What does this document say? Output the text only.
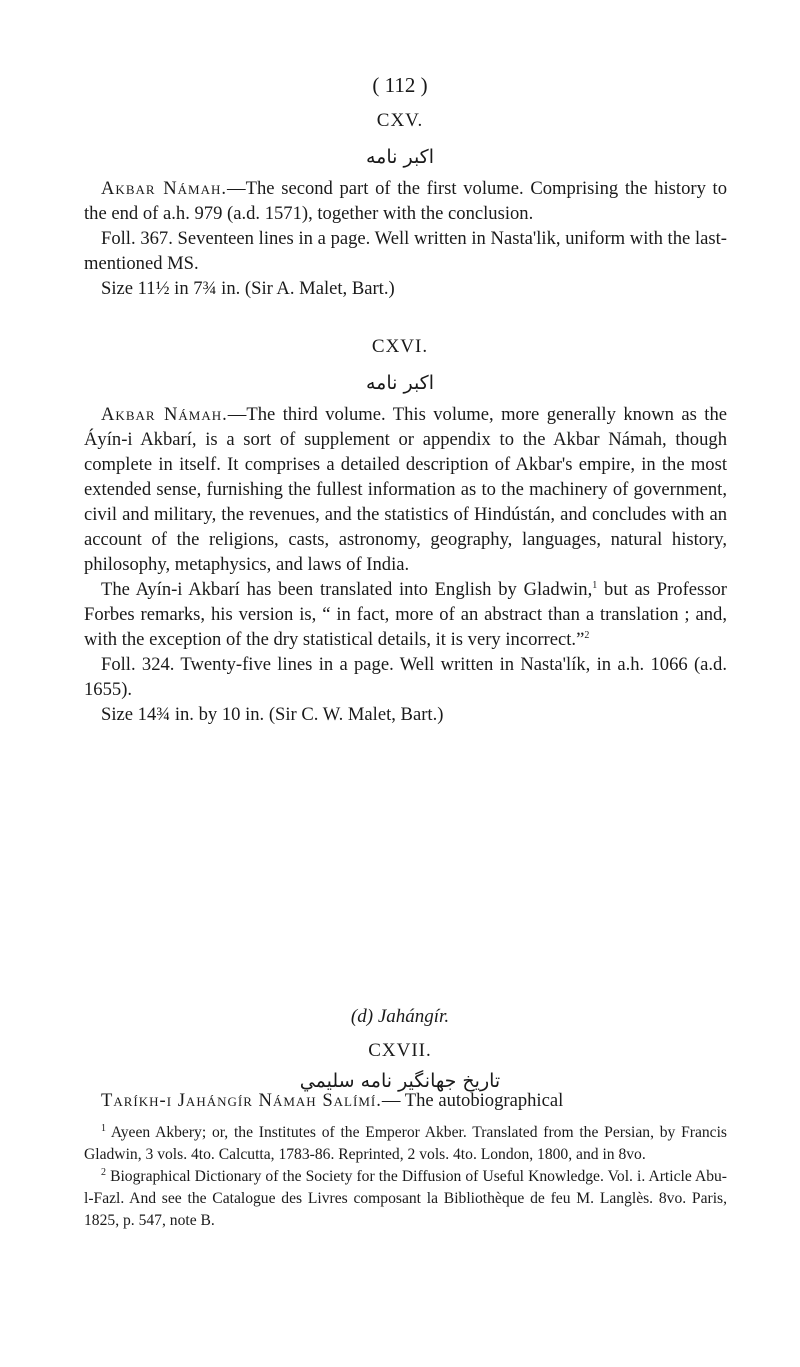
( 112 )
CXV.
اكبر نامه

Akbar Námah.—The second part of the first volume. Comprising the history to the end of a.h. 979 (a.d. 1571), together with the conclusion.

Foll. 367. Seventeen lines in a page. Well written in Nasta'lik, uniform with the last-mentioned MS.

Size 11½ in 7¾ in. (Sir A. Malet, Bart.)

CXVI.
اكبر نامه

Akbar Námah.—The third volume. This volume, more generally known as the Áyín-i Akbarí, is a sort of supplement or appendix to the Akbar Námah, though complete in itself. It comprises a detailed description of Akbar's empire, in the most extended sense, furnishing the fullest information as to the machinery of government, civil and military, the revenues, and the statistics of Hindústán, and concludes with an account of the religions, casts, astronomy, geography, languages, natural history, philosophy, metaphysics, and laws of India.

The Ayín-i Akbarí has been translated into English by Gladwin,$^1$ but as Professor Forbes remarks, his version is, “ in fact, more of an abstract than a translation ; and, with the exception of the dry statistical details, it is very incorrect.”$^2$

Foll. 324. Twenty-five lines in a page. Well written in Nasta'lík, in a.h. 1066 (a.d. 1655).

Size 14¾ in. by 10 in. (Sir C. W. Malet, Bart.)

(d) Jahángír.
CXVII.
تاريخ جهانگير نامه سليمي

Taríkh-i Jahángír Námah Salímí.— The autobiographical

$^1$ Ayeen Akbery; or, the Institutes of the Emperor Akber. Translated from the Persian, by Francis Gladwin, 3 vols. 4to. Calcutta, 1783-86. Reprinted, 2 vols. 4to. London, 1800, and in 8vo.

$^2$ Biographical Dictionary of the Society for the Diffusion of Useful Knowledge. Vol. i. Article Abu-l-Fazl. And see the Catalogue des Livres composant la Bibliothèque de feu M. Langlès. 8vo. Paris, 1825, p. 547, note B.
